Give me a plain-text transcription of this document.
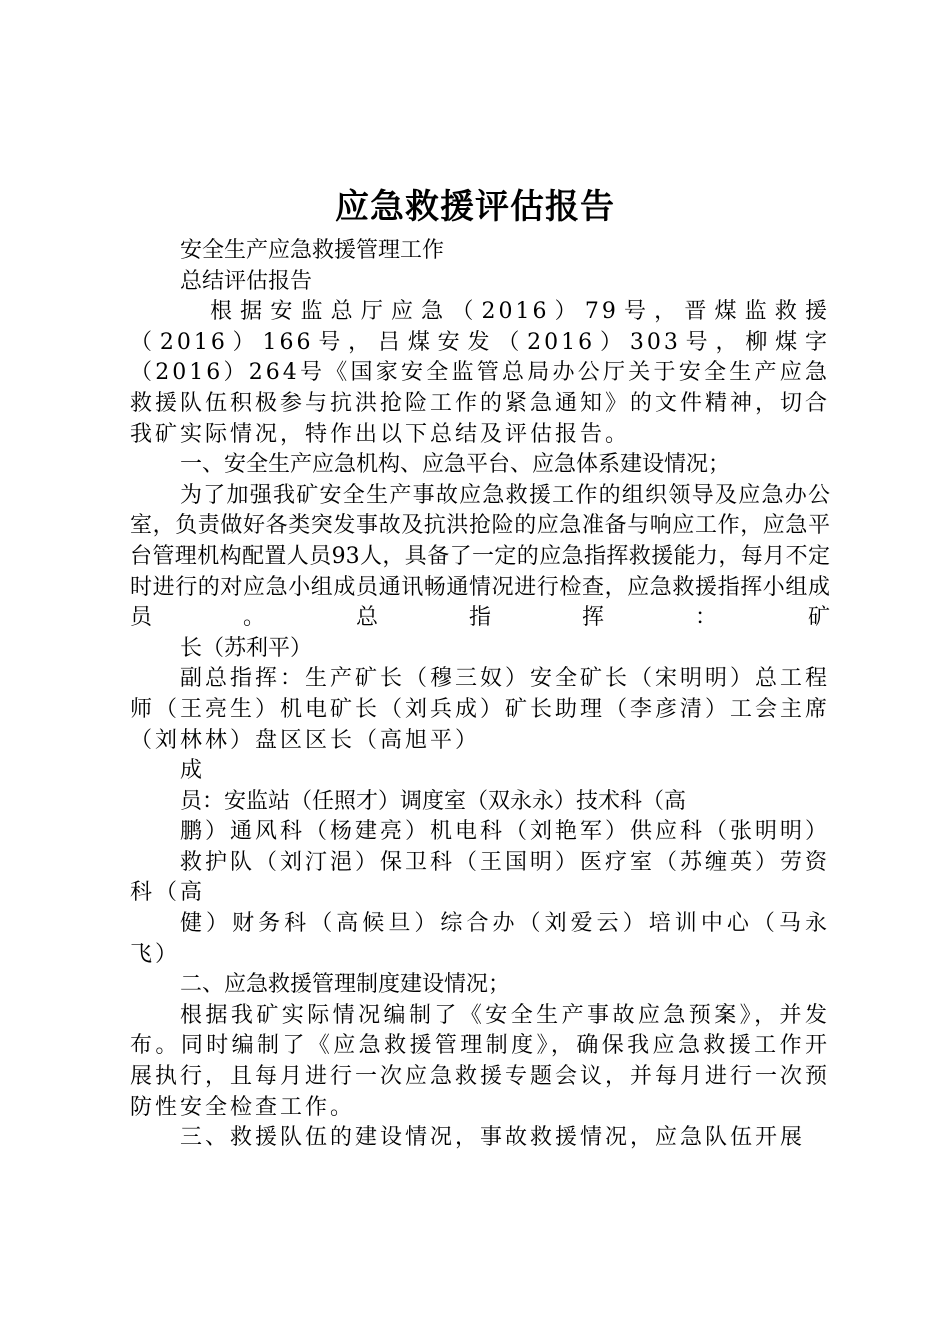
应急救援评估报告

安全生产应急救援管理工作

总结评估报告

根据安监总厅应急（2016）79号，晋煤监救援（2016）166号，吕煤安发（2016）303号，柳煤字（2016）264号《国家安全监管总局办公厅关于安全生产应急救援队伍积极参与抗洪抢险工作的紧急通知》的文件精神，切合我矿实际情况，特作出以下总结及评估报告。

一、安全生产应急机构、应急平台、应急体系建设情况；

为了加强我矿安全生产事故应急救援工作的组织领导及应急办公室，负责做好各类突发事故及抗洪抢险的应急准备与响应工作，应急平台管理机构配置人员93人，具备了一定的应急指挥救援能力，每月不定时进行的对应急小组成员通讯畅通情况进行检查，应急救援指挥小组成员。总指挥：矿

长（苏利平）

副总指挥：生产矿长（穆三奴）安全矿长（宋明明）总工程师（王亮生）机电矿长（刘兵成）矿长助理（李彦清）工会主席（刘林林）盘区区长（高旭平）

成

员：安监站（任照才）调度室（双永永）技术科（高

鹏）通风科（杨建亮）机电科（刘艳军）供应科（张明明）

救护队（刘汀浥）保卫科（王国明）医疗室（苏缠英）劳资科（高

健）财务科（高候旦）综合办（刘爱云）培训中心（马永飞）

二、应急救援管理制度建设情况；

根据我矿实际情况编制了《安全生产事故应急预案》，并发布。同时编制了《应急救援管理制度》，确保我应急救援工作开展执行，且每月进行一次应急救援专题会议，并每月进行一次预防性安全检查工作。

三、救援队伍的建设情况，事故救援情况，应急队伍开展
